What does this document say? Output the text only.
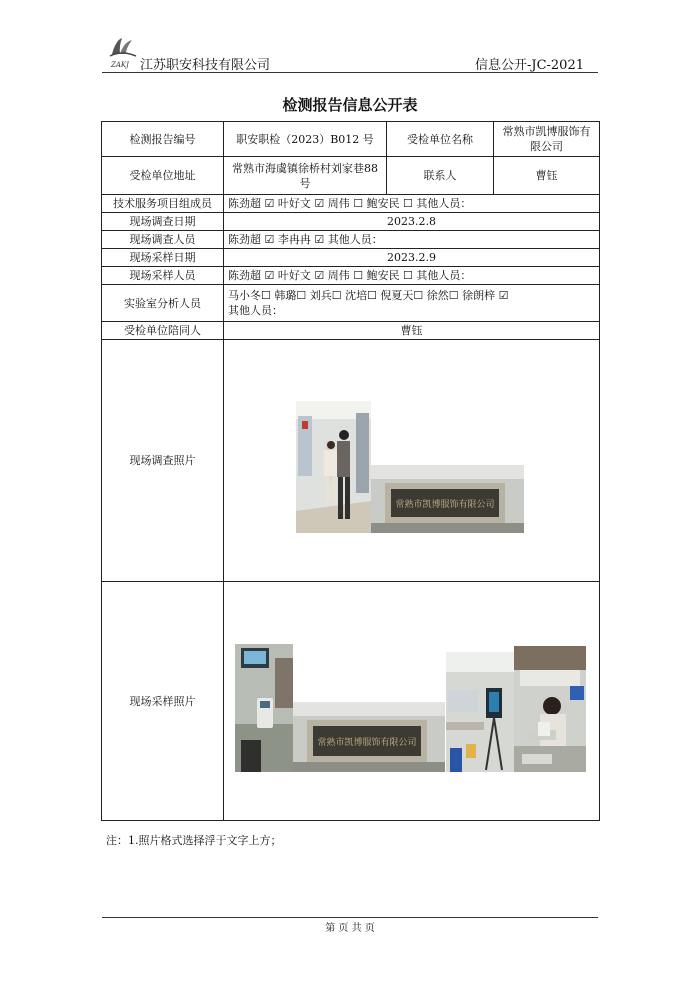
ZAKJ 江苏职安科技有限公司	信息公开-JC-2021
检测报告信息公开表
检测报告编号	职安职检（2023）B012 号	受检单位名称	常熟市凯博服饰有限公司
受检单位地址	常熟市海虞镇徐桥村刘家巷88号	联系人	曹钰
技术服务项目组成员	陈劲超 ☑ 叶好文 ☑ 周伟 ☐ 鲍安民 ☐ 其他人员：		
现场调查日期	2023.2.8		
现场调查人员	陈劲超 ☑ 李冉冉 ☑ 其他人员：		
现场采样日期	2023.2.9		
现场采样人员	陈劲超 ☑ 叶好文 ☑ 周伟 ☐ 鲍安民 ☐ 其他人员：		
实验室分析人员	马小冬☐ 韩璐☐ 刘兵☐ 沈培☐ 倪夏天☐ 徐然☐ 徐朗梓 ☑
其他人员：		

受检单位陪同人	曹钰		
现场调查照片			
现场采样照片			
常熟市凯博服饰有限公司
常熟市凯博服饰有限公司
注：1.照片格式选择浮于文字上方；
第 页 共 页
